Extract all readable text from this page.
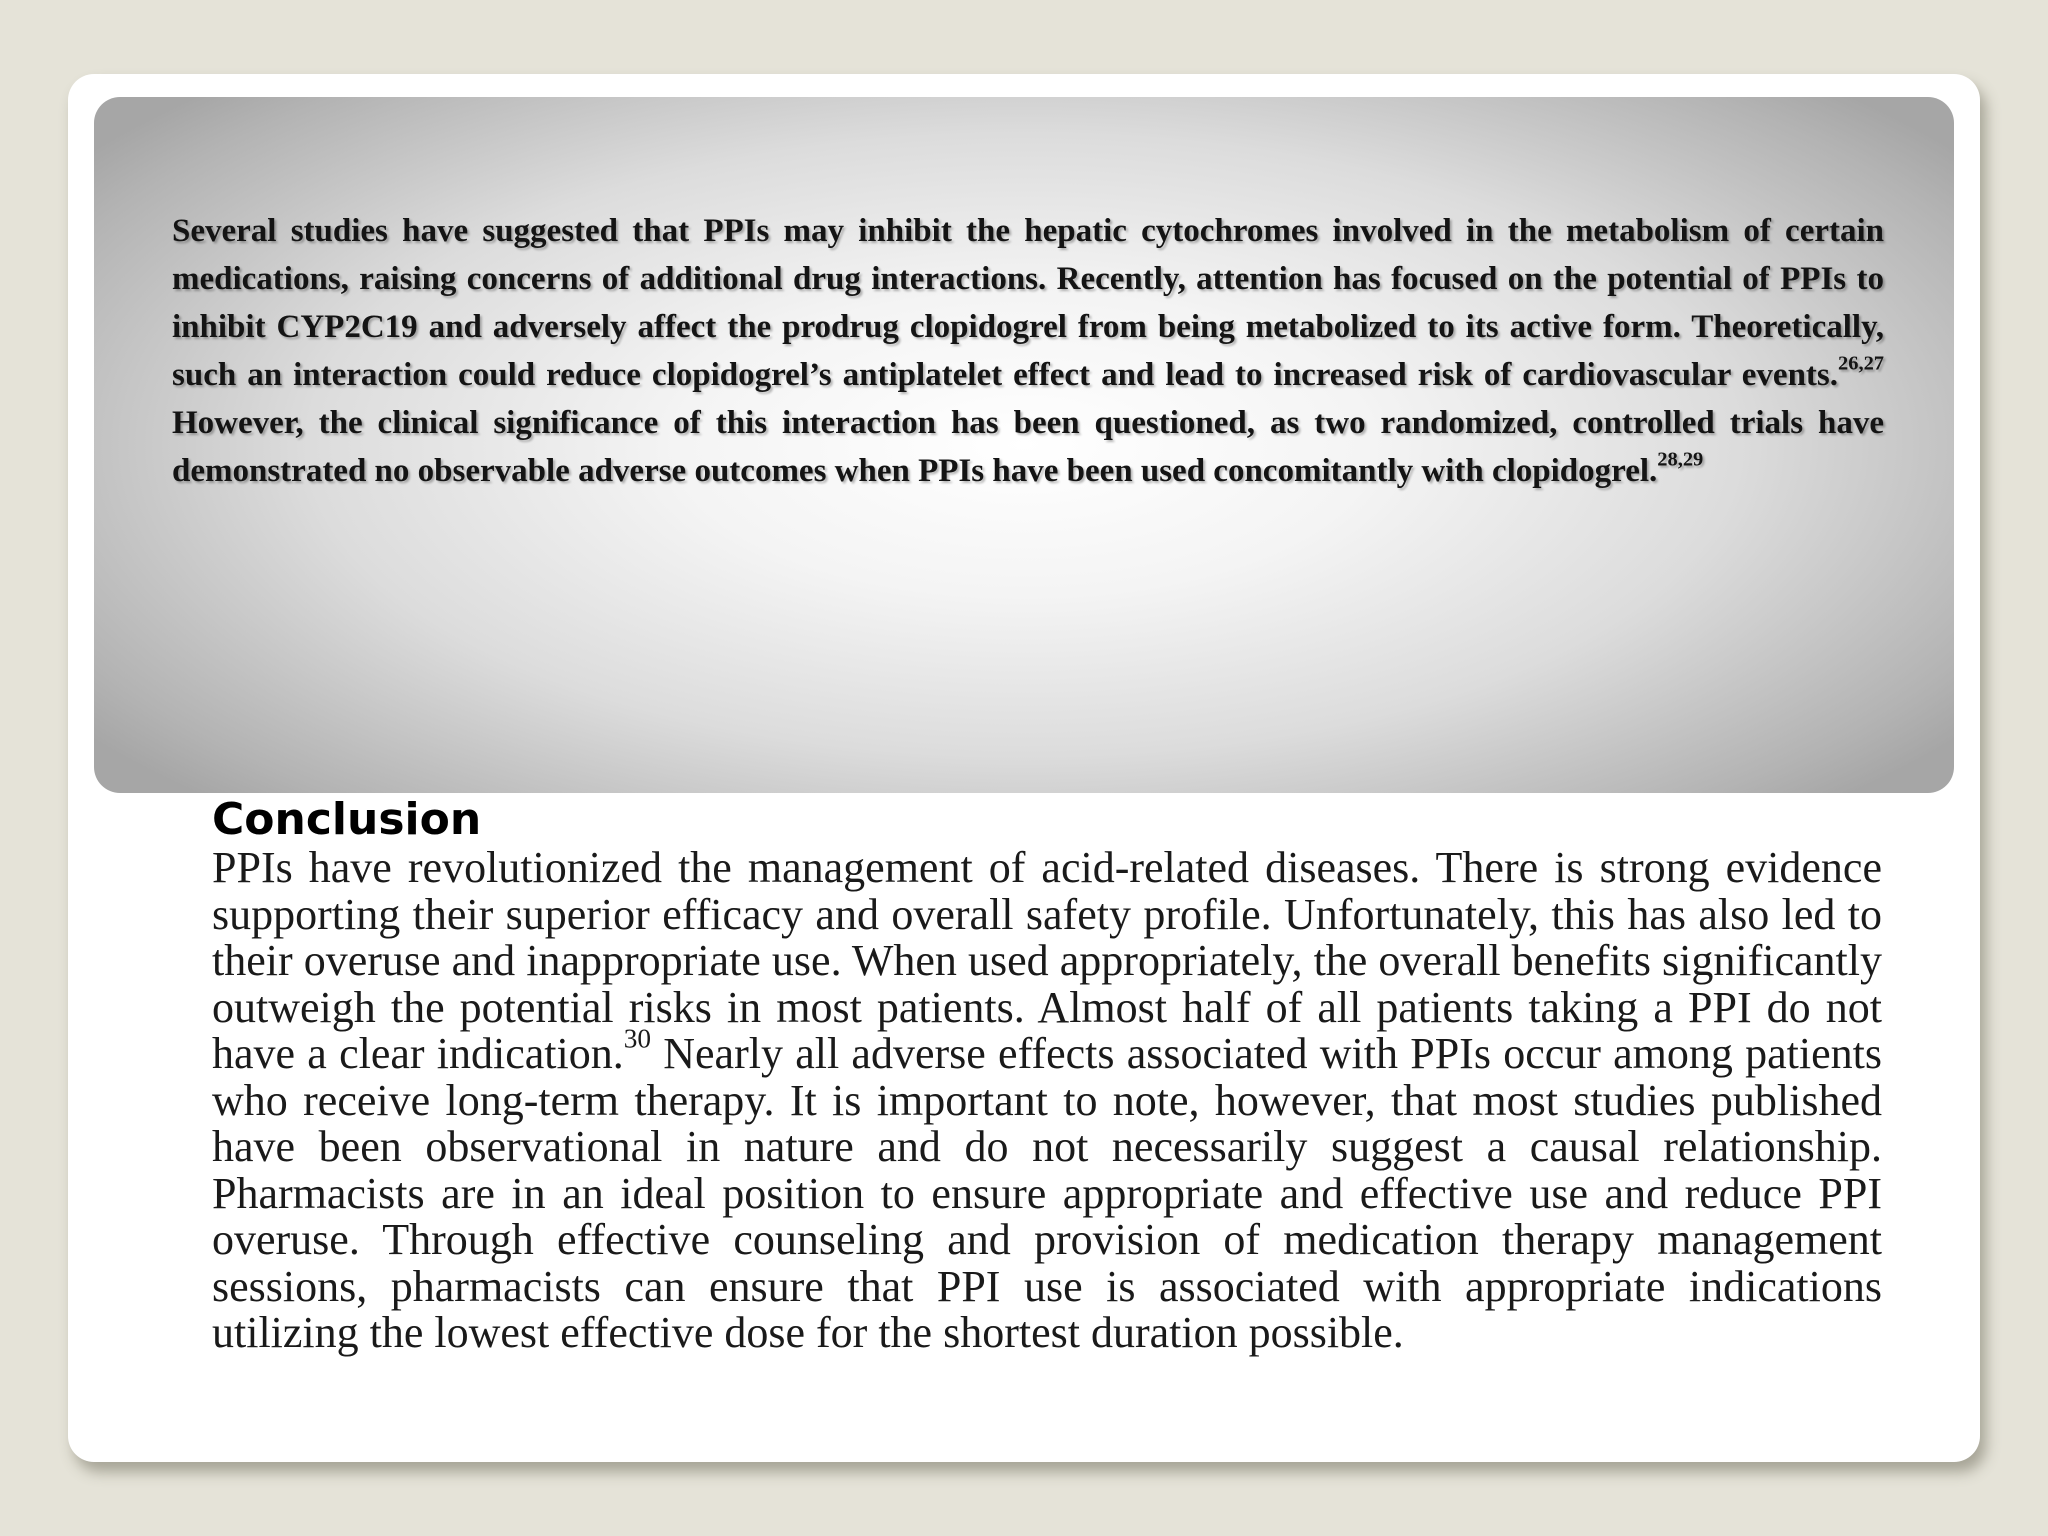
Several studies have suggested that PPIs may inhibit the hepatic cytochromes involved in the metabolism of certain medications, raising concerns of additional drug interactions. Recently, attention has focused on the potential of PPIs to inhibit CYP2C19 and adversely affect the prodrug clopidogrel from being metabolized to its active form. Theoretically, such an interaction could reduce clopidogrel’s antiplatelet effect and lead to increased risk of cardiovascular events.$^{26,27}$ However, the clinical significance of this interaction has been questioned, as two randomized, controlled trials have demonstrated no observable adverse outcomes when PPIs have been used concomitantly with clopidogrel.$^{28,29}$

Conclusion

PPIs have revolutionized the management of acid-related diseases. There is strong evidence supporting their superior efficacy and overall safety profile. Unfortunately, this has also led to their overuse and inappropriate use. When used appropriately, the overall benefits significantly outweigh the potential risks in most patients. Almost half of all patients taking a PPI do not have a clear indication.$^{30}$ Nearly all adverse effects associated with PPIs occur among patients who receive long-term therapy. It is important to note, however, that most studies published have been observational in nature and do not necessarily suggest a causal relationship. Pharmacists are in an ideal position to ensure appropriate and effective use and reduce PPI overuse. Through effective counseling and provision of medication therapy management sessions, pharmacists can ensure that PPI use is associated with appropriate indications utilizing the lowest effective dose for the shortest duration possible.
